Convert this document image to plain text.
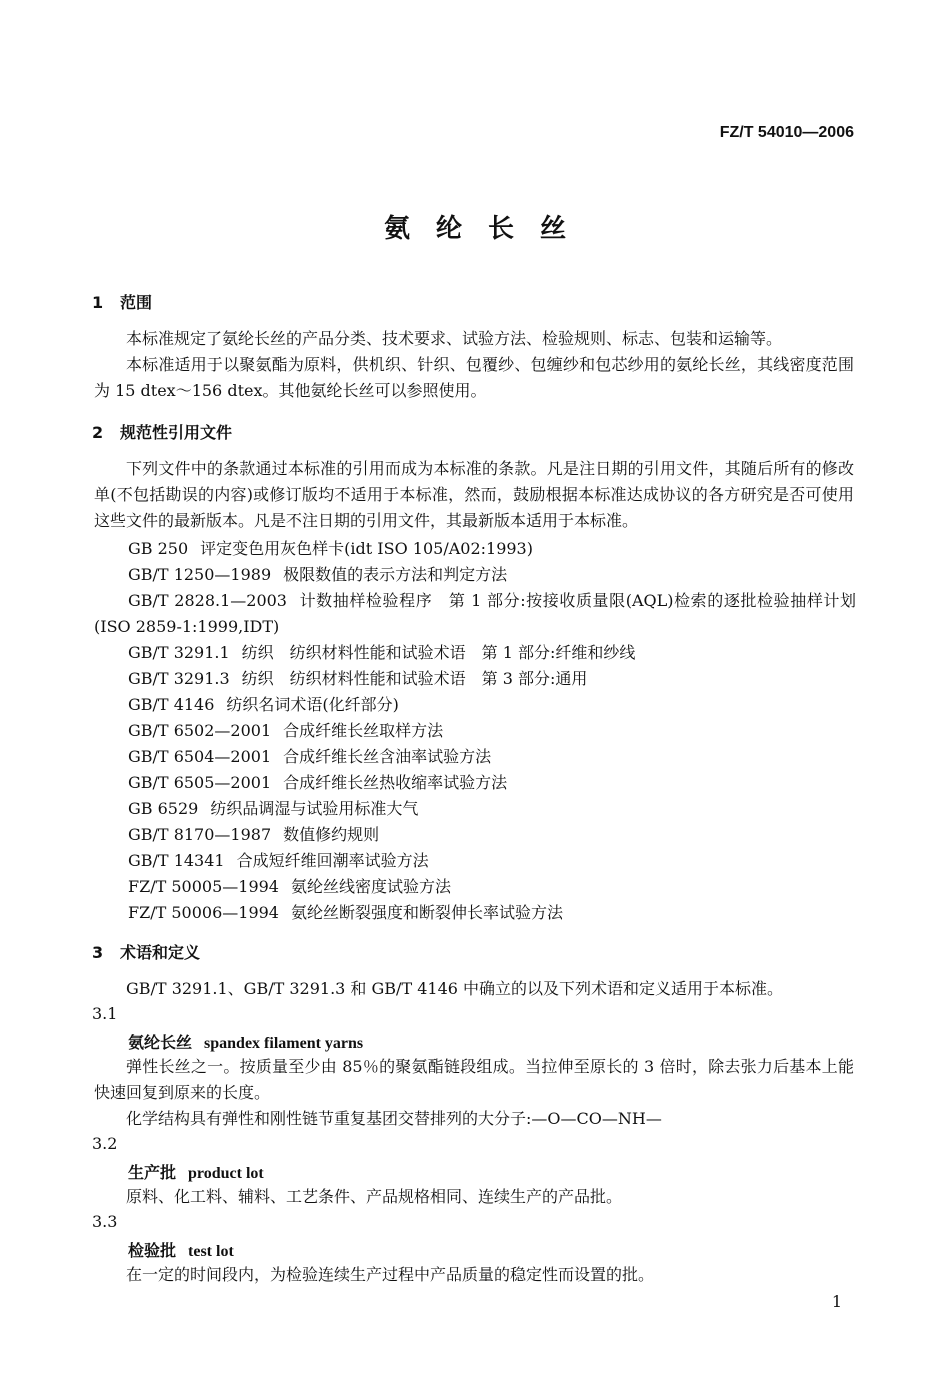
FZ/T 54010—2006
氨纶长丝
1 范围
本标准规定了氨纶长丝的产品分类、技术要求、试验方法、检验规则、标志、包装和运输等。
本标准适用于以聚氨酯为原料，供机织、针织、包覆纱、包缠纱和包芯纱用的氨纶长丝，其线密度范围为 15 dtex～156 dtex。其他氨纶长丝可以参照使用。
2 规范性引用文件
下列文件中的条款通过本标准的引用而成为本标准的条款。凡是注日期的引用文件，其随后所有的修改单(不包括勘误的内容)或修订版均不适用于本标准，然而，鼓励根据本标准达成协议的各方研究是否可使用这些文件的最新版本。凡是不注日期的引用文件，其最新版本适用于本标准。
GB 250 评定变色用灰色样卡(idt ISO 105/A02:1993)
GB/T 1250—1989 极限数值的表示方法和判定方法
GB/T 2828.1—2003 计数抽样检验程序　第 1 部分:按接收质量限(AQL)检索的逐批检验抽样计划(ISO 2859-1:1999,IDT)
GB/T 3291.1 纺织　纺织材料性能和试验术语　第 1 部分:纤维和纱线
GB/T 3291.3 纺织　纺织材料性能和试验术语　第 3 部分:通用
GB/T 4146 纺织名词术语(化纤部分)
GB/T 6502—2001 合成纤维长丝取样方法
GB/T 6504—2001 合成纤维长丝含油率试验方法
GB/T 6505—2001 合成纤维长丝热收缩率试验方法
GB 6529 纺织品调湿与试验用标准大气
GB/T 8170—1987 数值修约规则
GB/T 14341 合成短纤维回潮率试验方法
FZ/T 50005—1994 氨纶丝线密度试验方法
FZ/T 50006—1994 氨纶丝断裂强度和断裂伸长率试验方法
3 术语和定义
GB/T 3291.1、GB/T 3291.3 和 GB/T 4146 中确立的以及下列术语和定义适用于本标准。
3.1
氨纶长丝 spandex filament yarns
弹性长丝之一。按质量至少由 85％的聚氨酯链段组成。当拉伸至原长的 3 倍时，除去张力后基本上能快速回复到原来的长度。
化学结构具有弹性和刚性链节重复基团交替排列的大分子:—O—CO—NH—
3.2
生产批 product lot
原料、化工料、辅料、工艺条件、产品规格相同、连续生产的产品批。
3.3
检验批 test lot
在一定的时间段内，为检验连续生产过程中产品质量的稳定性而设置的批。
1
